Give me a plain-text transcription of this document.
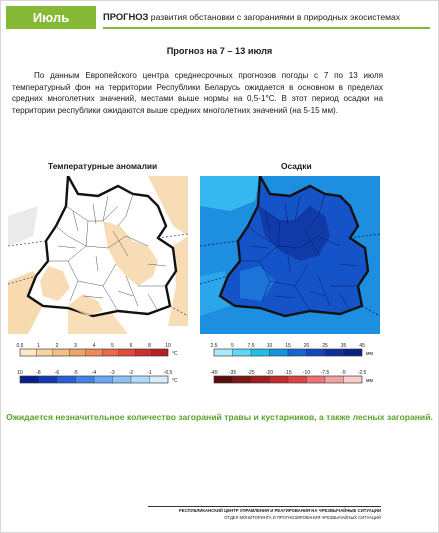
Июль	ПРОГНОЗ развития обстановки с загораниями в природных экосистемах
Прогноз на 7 – 13 июля

По данным Европейского центра среднесрочных прогнозов погоды с 7 по 13 июля температурный фон на территории Республики Беларусь ожидается в основном в пределах средних многолетних значений, местами выше нормы на 0,5-1°С. В этот период осадки на территории республики ожидаются выше средних многолетних значений (на 5-15 мм).

Температурные аномалии	Осадки
0,5	1	2	3	4	5	6	8	10
°C
10	-8	-6	-5	-4	-3	-2	-1 -0,5
°C
2.5	5	7.5 10	15	20	25	35	45
мм
-45 -35 -25 -20 -15 -10 -7.5 -5 -2.5
мм
Ожидается незначительное количество загораний травы и кустарников, а также лесных загораний.
РЕСПУБЛИКАНСКИЙ ЦЕНТР УПРАВЛЕНИЯ И РЕАГИРОВАНИЯ НА ЧРЕЗВЫЧАЙНЫЕ СИТУАЦИИ
ОТДЕЛ МОНИТОРИНГА И ПРОГНОЗИРОВАНИЯ ЧРЕЗВЫЧАЙНЫХ СИТУАЦИЙ
